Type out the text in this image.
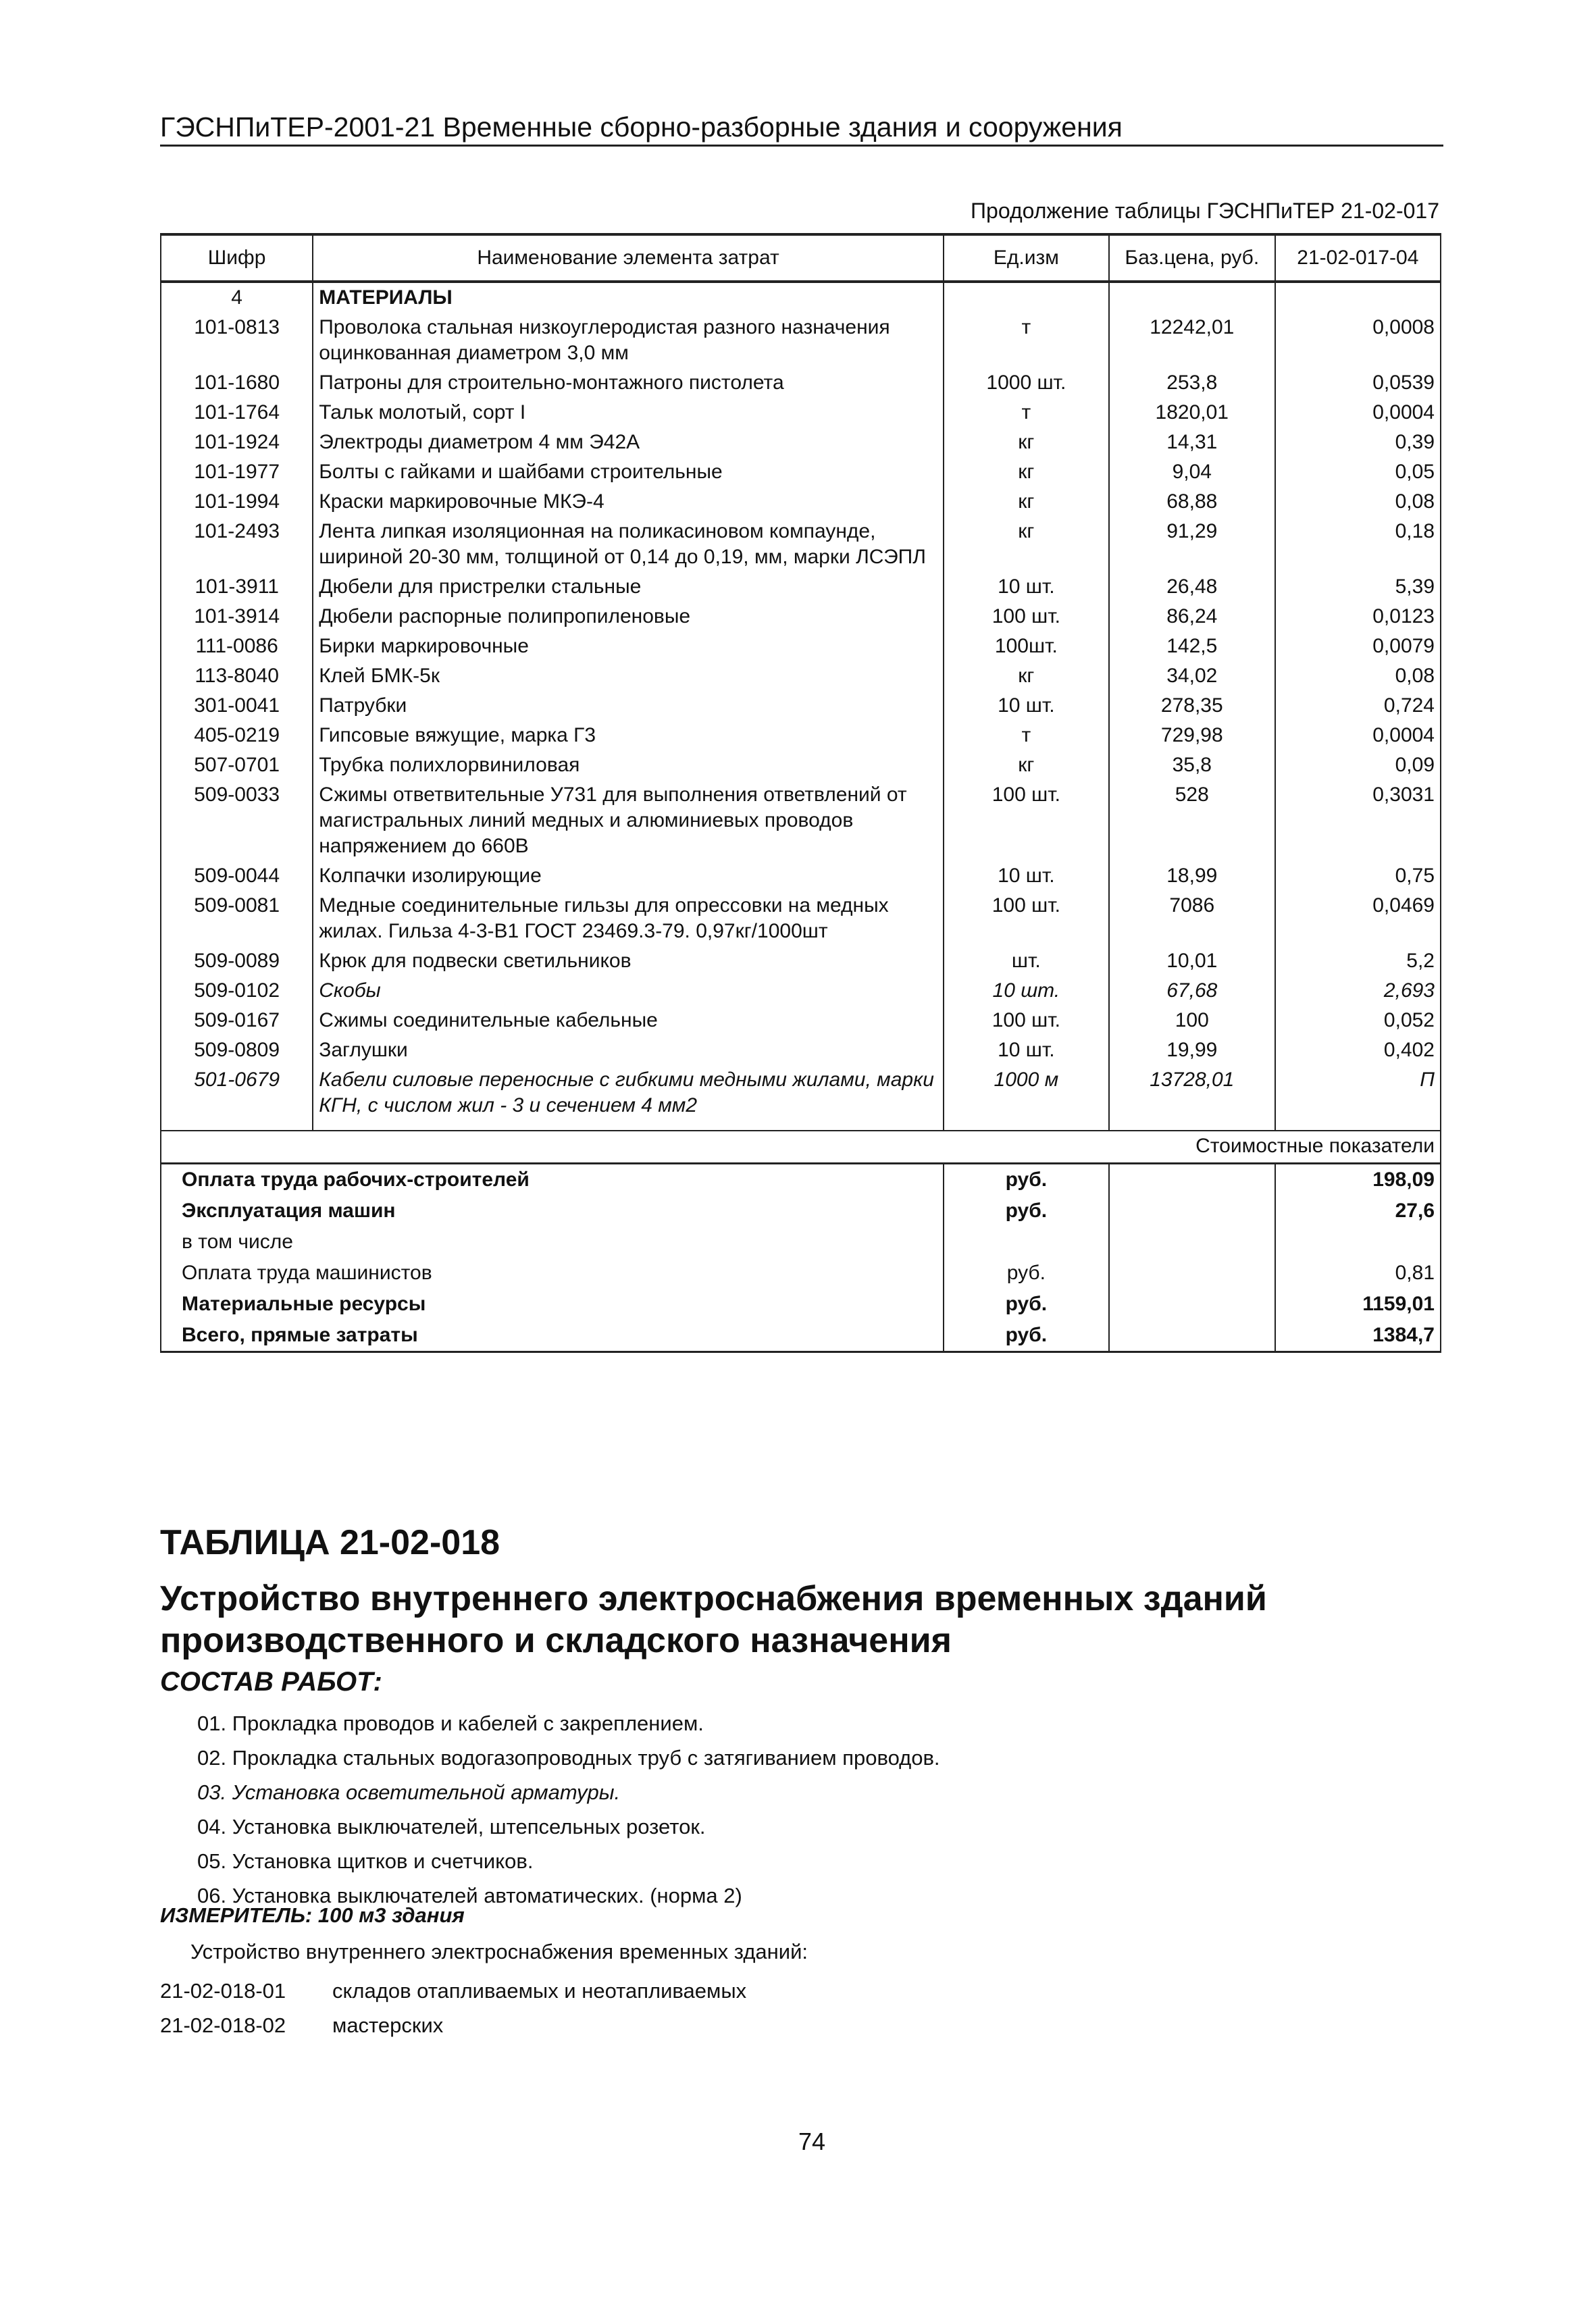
ГЭСНПиТЕР-2001-21 Временные сборно-разборные здания и сооружения
Продолжение таблицы ГЭСНПиТЕР 21-02-017
Шифр	Наименование элемента затрат	Ед.изм	Баз.цена, руб.	21-02-017-04
4	МАТЕРИАЛЫ			
101-0813	Проволока стальная низкоуглеродистая разного назначения оцинкованная диаметром 3,0 мм	т	12242,01	0,0008
101-1680	Патроны для строительно-монтажного пистолета	1000 шт.	253,8	0,0539
101-1764	Тальк молотый, сорт I	т	1820,01	0,0004
101-1924	Электроды диаметром 4 мм Э42А	кг	14,31	0,39
101-1977	Болты с гайками и шайбами строительные	кг	9,04	0,05
101-1994	Краски маркировочные МКЭ-4	кг	68,88	0,08
101-2493	Лента липкая изоляционная на поликасиновом компаунде, шириной 20-30 мм, толщиной от 0,14 до 0,19, мм, марки ЛСЭПЛ	кг	91,29	0,18
101-3911	Дюбели для пристрелки стальные	10 шт.	26,48	5,39
101-3914	Дюбели распорные полипропиленовые	100 шт.	86,24	0,0123
111-0086	Бирки маркировочные	100шт.	142,5	0,0079
113-8040	Клей БМК-5к	кг	34,02	0,08
301-0041	Патрубки	10 шт.	278,35	0,724
405-0219	Гипсовые вяжущие, марка Г3	т	729,98	0,0004
507-0701	Трубка полихлорвиниловая	кг	35,8	0,09
509-0033	Сжимы ответвительные У731 для выполнения ответвлений от магистральных линий медных и алюминиевых проводов напряжением до 660В	100 шт.	528	0,3031
509-0044	Колпачки изолирующие	10 шт.	18,99	0,75
509-0081	Медные соединительные гильзы для опрессовки на медных жилах. Гильза 4-3-В1 ГОСТ 23469.3-79. 0,97кг/1000шт	100 шт.	7086	0,0469
509-0089	Крюк для подвески светильников	шт.	10,01	5,2
509-0102	Скобы	10 шт.	67,68	2,693
509-0167	Сжимы соединительные кабельные	100 шт.	100	0,052
509-0809	Заглушки	10 шт.	19,99	0,402
501-0679	Кабели силовые переносные с гибкими медными жилами, марки КГН, с числом жил - 3 и сечением 4 мм2	1000 м	13728,01	П

Стоимостные показатели				
Оплата труда рабочих-строителей		руб.		198,09
Эксплуатация машин		руб.		27,6
в том числе				
Оплата труда машинистов		руб.		0,81
Материальные ресурсы		руб.		1159,01
Всего, прямые затраты		руб.		1384,7
ТАБЛИЦА 21-02-018
Устройство внутреннего электроснабжения временных зданий производственного и складского назначения
СОСТАВ РАБОТ:
01. Прокладка проводов и кабелей с закреплением.
02. Прокладка стальных водогазопроводных труб с затягиванием проводов.
03. Установка осветительной арматуры.
04. Установка выключателей, штепсельных розеток.
05. Установка щитков и счетчиков.
06. Установка выключателей автоматических. (норма 2)
ИЗМЕРИТЕЛЬ: 100 м3 здания
Устройство внутреннего электроснабжения временных зданий:
21-02-018-01 складов отапливаемых и неотапливаемых
21-02-018-02 мастерских
74
